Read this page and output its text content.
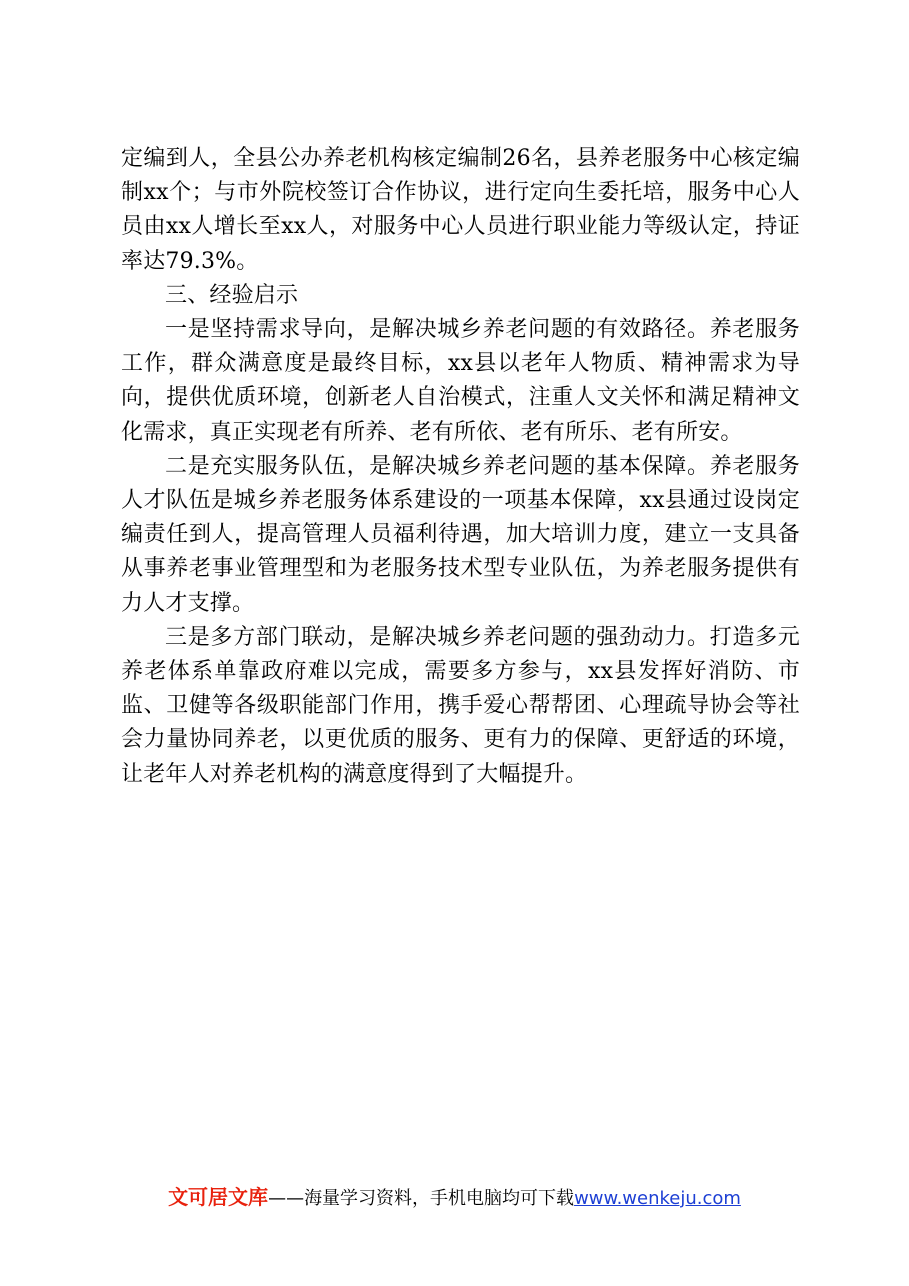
定编到人，全县公办养老机构核定编制26名，县养老服务中心核定编制xx个；与市外院校签订合作协议，进行定向生委托培，服务中心人员由xx人增长至xx人，对服务中心人员进行职业能力等级认定，持证率达79.3%。

三、经验启示

一是坚持需求导向，是解决城乡养老问题的有效路径。养老服务工作，群众满意度是最终目标，xx县以老年人物质、精神需求为导向，提供优质环境，创新老人自治模式，注重人文关怀和满足精神文化需求，真正实现老有所养、老有所依、老有所乐、老有所安。

二是充实服务队伍，是解决城乡养老问题的基本保障。养老服务人才队伍是城乡养老服务体系建设的一项基本保障，xx县通过设岗定编责任到人，提高管理人员福利待遇，加大培训力度，建立一支具备从事养老事业管理型和为老服务技术型专业队伍，为养老服务提供有力人才支撑。

三是多方部门联动，是解决城乡养老问题的强劲动力。打造多元养老体系单靠政府难以完成，需要多方参与，xx县发挥好消防、市监、卫健等各级职能部门作用，携手爱心帮帮团、心理疏导协会等社会力量协同养老，以更优质的服务、更有力的保障、更舒适的环境，让老年人对养老机构的满意度得到了大幅提升。

文可居文库——海量学习资料，手机电脑均可下载www.wenkeju.com
